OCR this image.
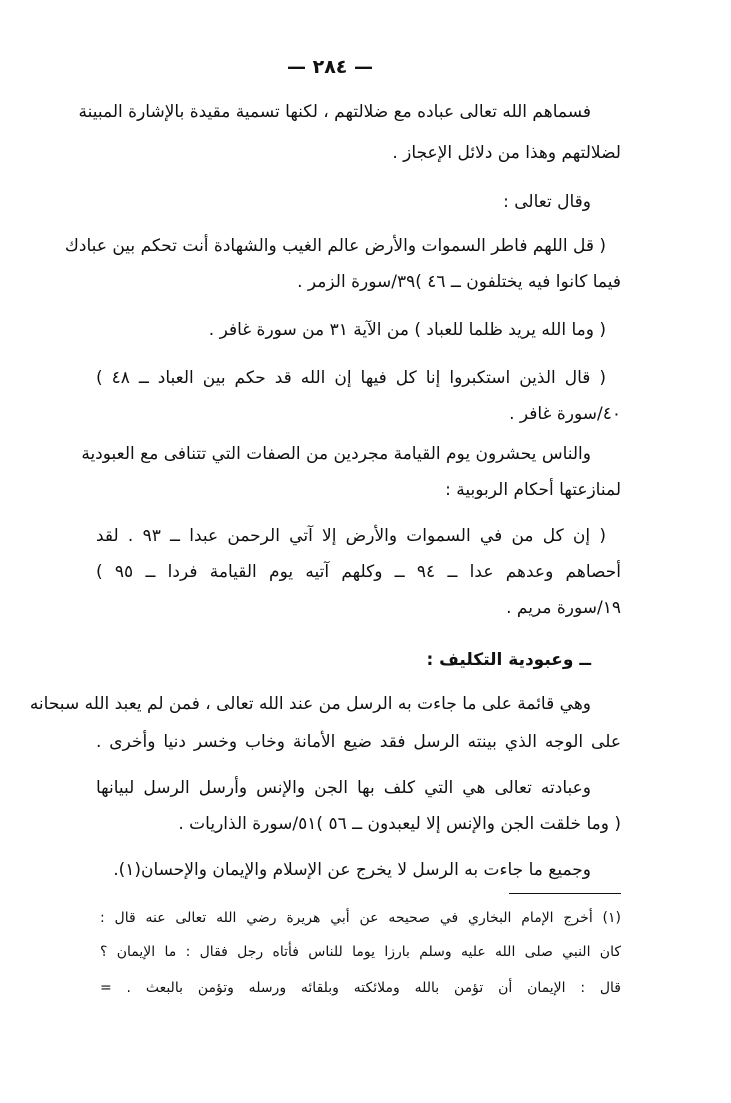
— ٢٨٤ —
فسماهم الله تعالى عباده مع ضلالتهم ، لكنها تسمية مقيدة بالإشارة المبينة
لضلالتهم وهذا من دلائل الإعجاز .
وقال تعالى :
( قل اللهم فاطر السموات والأرض عالم الغيب والشهادة أنت تحكم بين عبادك
فيما كانوا فيه يختلفون ــ ٤٦ )٣٩/سورة الزمر .
( وما الله يريد ظلما للعباد ) من الآية ٣١ من سورة غافر .
( قال الذين استكبروا إنا كل فيها إن الله قد حكم بين العباد ــ ٤٨ )
٤٠/سورة غافر .
والناس يحشرون يوم القيامة مجردين من الصفات التي تتنافى مع العبودية
لمنازعتها أحكام الربوبية :
( إن كل من في السموات والأرض إلا آتي الرحمن عبدا ــ ٩٣ . لقد
أحصاهم وعدهم عدا ــ ٩٤ ــ وكلهم آتيه يوم القيامة فردا ــ ٩٥ )
١٩/سورة مريم .
ــ وعبودية التكليف :
وهي قائمة على ما جاءت به الرسل من عند الله تعالى ، فمن لم يعبد الله سبحانه
على الوجه الذي بينته الرسل فقد ضيع الأمانة وخاب وخسر دنيا وأخرى .
وعبادته تعالى هي التي كلف بها الجن والإنس وأرسل الرسل لبيانها
( وما خلقت الجن والإنس إلا ليعبدون ــ ٥٦ )٥١/سورة الذاريات .
وجميع ما جاءت به الرسل لا يخرج عن الإسلام والإيمان والإحسان(١).
(١) أخرج الإمام البخاري في صحيحه عن أبي هريرة رضي الله تعالى عنه قال :
كان النبي صلى الله عليه وسلم بارزا يوما للناس فأتاه رجل فقال : ما الإيمان ؟
قال : الإيمان أن تؤمن بالله وملائكته وبلقائه ورسله وتؤمن بالبعث . =
